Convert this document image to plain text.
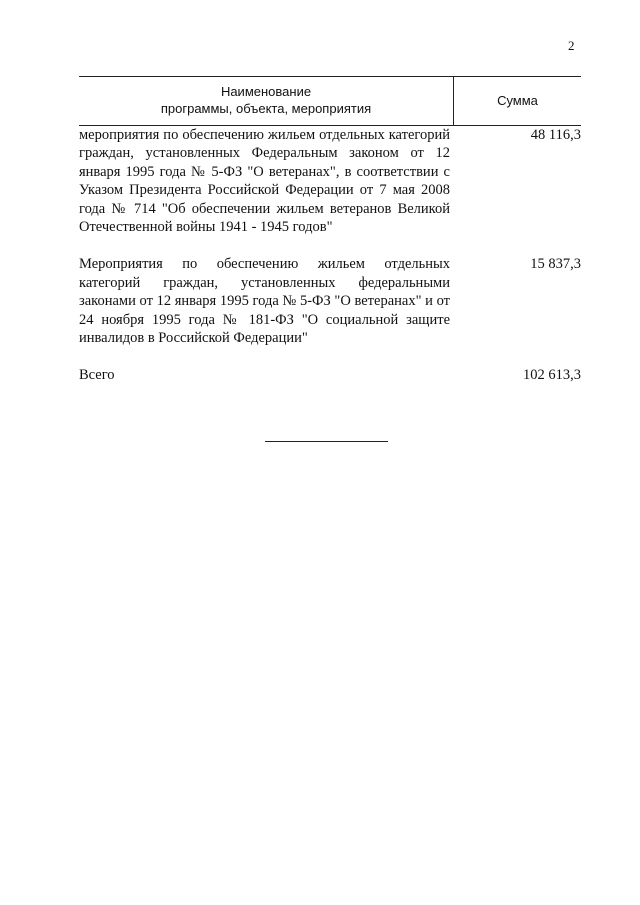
2
Наименование
программы, объекта, мероприятия
Сумма
мероприятия по обеспечению жильем отдельных категорий граждан, установленных Федеральным законом от 12 января 1995 года № 5-ФЗ "О ветеранах", в соответствии с Указом Президента Российской Федерации от 7 мая 2008 года № 714 "Об обеспечении жильем ветеранов Великой Отечественной войны 1941 - 1945 годов"
48 116,3
Мероприятия по обеспечению жильем отдельных категорий граждан, установленных федеральными законами от 12 января 1995 года № 5-ФЗ "О ветеранах" и от 24 ноября 1995 года № 181-ФЗ "О социальной защите инвалидов в Российской Федерации"
15 837,3
Всего	102 613,3
